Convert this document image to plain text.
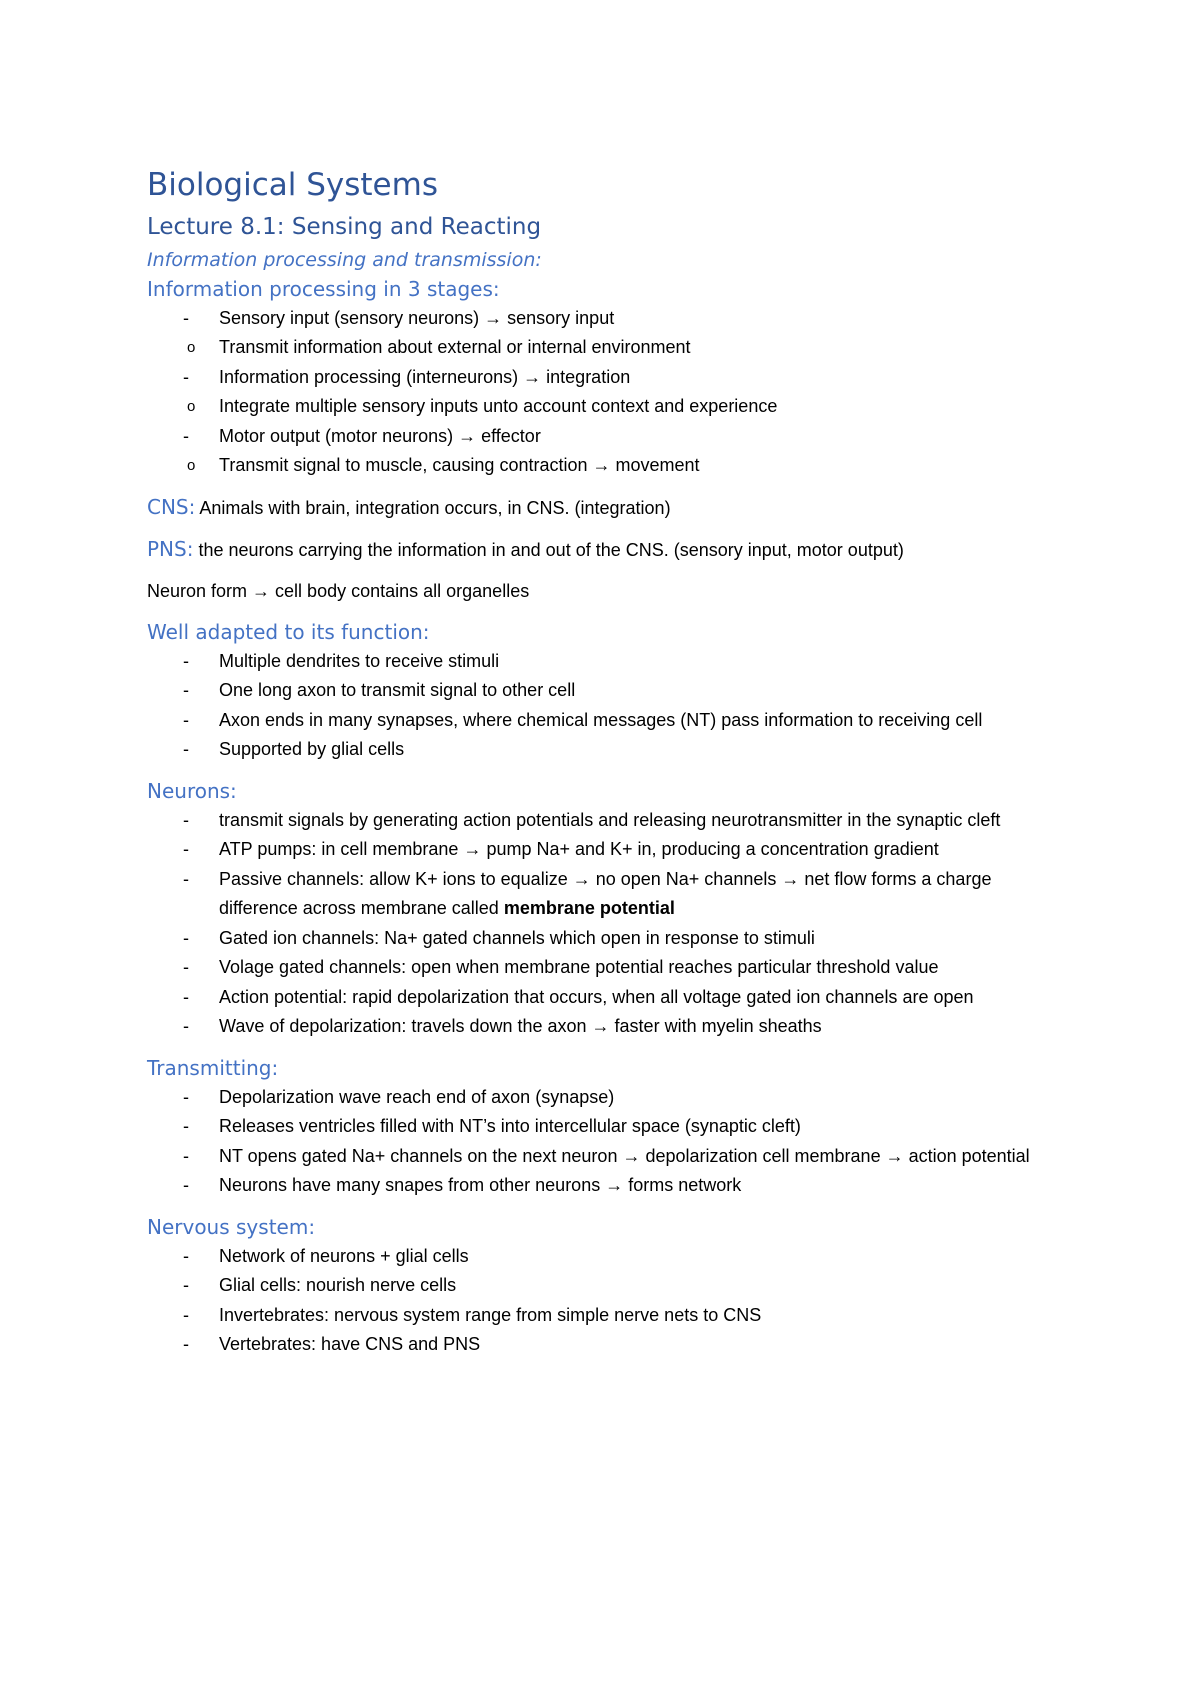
Biological Systems
Lecture 8.1: Sensing and Reacting
Information processing and transmission:
Information processing in 3 stages:
- Sensory input (sensory neurons) → sensory input
o Transmit information about external or internal environment
- Information processing (interneurons) → integration
o Integrate multiple sensory inputs unto account context and experience
- Motor output (motor neurons) → effector
o Transmit signal to muscle, causing contraction → movement

CNS: Animals with brain, integration occurs, in CNS. (integration)

PNS: the neurons carrying the information in and out of the CNS. (sensory input, motor output)

Neuron form → cell body contains all organelles

Well adapted to its function:
- Multiple dendrites to receive stimuli
- One long axon to transmit signal to other cell
- Axon ends in many synapses, where chemical messages (NT) pass information to receiving cell
- Supported by glial cells
Neurons:
- transmit signals by generating action potentials and releasing neurotransmitter in the synaptic cleft
- ATP pumps: in cell membrane → pump Na+ and K+ in, producing a concentration gradient
- Passive channels: allow K+ ions to equalize → no open Na+ channels → net flow forms a charge difference across membrane called membrane potential
- Gated ion channels: Na+ gated channels which open in response to stimuli
- Volage gated channels: open when membrane potential reaches particular threshold value
- Action potential: rapid depolarization that occurs, when all voltage gated ion channels are open
- Wave of depolarization: travels down the axon → faster with myelin sheaths
Transmitting:
- Depolarization wave reach end of axon (synapse)
- Releases ventricles filled with NT’s into intercellular space (synaptic cleft)
- NT opens gated Na+ channels on the next neuron → depolarization cell membrane → action potential
- Neurons have many snapes from other neurons → forms network
Nervous system:
- Network of neurons + glial cells
- Glial cells: nourish nerve cells
- Invertebrates: nervous system range from simple nerve nets to CNS
- Vertebrates: have CNS and PNS
